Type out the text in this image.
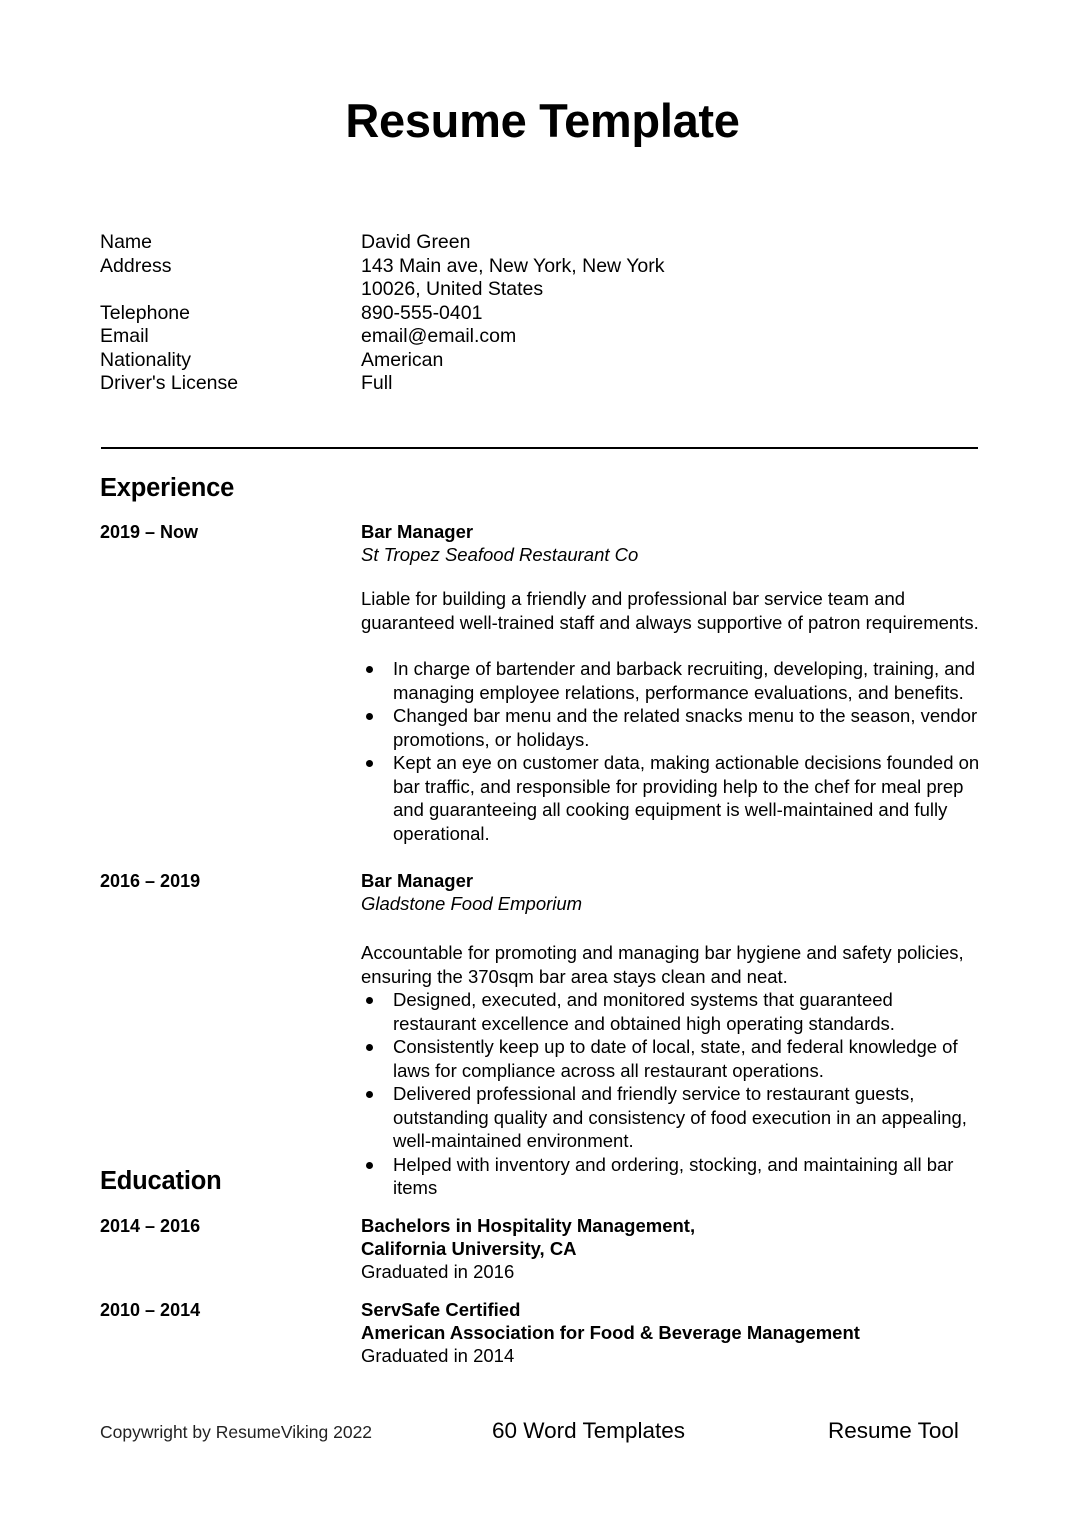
Resume Template
Name	David Green
Address	143 Main ave, New York, New York
10026, United States
Telephone	890-555-0401
Email	email@email.com
Nationality	American
Driver's License	Full
Experience
2019 – Now	Bar Manager
St Tropez Seafood Restaurant Co
Liable for building a friendly and professional bar service team and guaranteed well-trained staff and always supportive of patron requirements.
In charge of bartender and barback recruiting, developing, training, and managing employee relations, performance evaluations, and benefits.
Changed bar menu and the related snacks menu to the season, vendor promotions, or holidays.
Kept an eye on customer data, making actionable decisions founded on bar traffic, and responsible for providing help to the chef for meal prep and guaranteeing all cooking equipment is well-maintained and fully operational.
2016 – 2019	Bar Manager
Gladstone Food Emporium
Accountable for promoting and managing bar hygiene and safety policies, ensuring the 370sqm bar area stays clean and neat.
Designed, executed, and monitored systems that guaranteed restaurant excellence and obtained high operating standards.
Consistently keep up to date of local, state, and federal knowledge of laws for compliance across all restaurant operations.
Delivered professional and friendly service to restaurant guests, outstanding quality and consistency of food execution in an appealing, well-maintained environment.
Helped with inventory and ordering, stocking, and maintaining all bar items
Education
2014 – 2016	Bachelors in Hospitality Management,
California University, CA
Graduated in 2016
2010 – 2014	ServSafe Certified
American Association for Food & Beverage Management
Graduated in 2014
Copywright by ResumeViking 2022	60 Word Templates	Resume Tool
